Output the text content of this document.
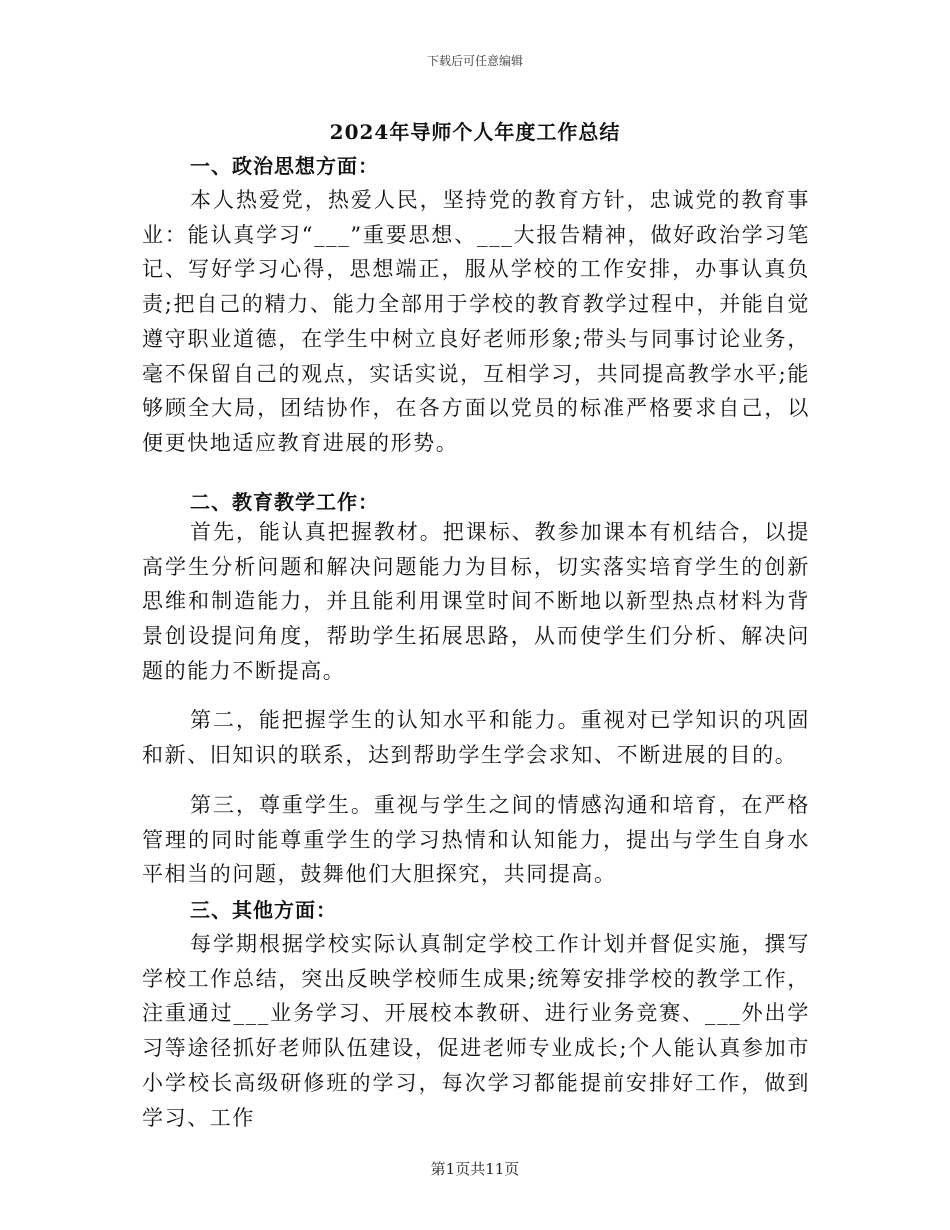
下载后可任意编辑
2024年导师个人年度工作总结
一、政治思想方面：

本人热爱党，热爱人民，坚持党的教育方针，忠诚党的教育事业：能认真学习“___”重要思想、___大报告精神，做好政治学习笔记、写好学习心得，思想端正，服从学校的工作安排，办事认真负责;把自己的精力、能力全部用于学校的教育教学过程中，并能自觉遵守职业道德，在学生中树立良好老师形象;带头与同事讨论业务，毫不保留自己的观点，实话实说，互相学习，共同提高教学水平;能够顾全大局，团结协作，在各方面以党员的标准严格要求自己，以便更快地适应教育进展的形势。

二、教育教学工作：

首先，能认真把握教材。把课标、教参加课本有机结合，以提高学生分析问题和解决问题能力为目标，切实落实培育学生的创新思维和制造能力，并且能利用课堂时间不断地以新型热点材料为背景创设提问角度，帮助学生拓展思路，从而使学生们分析、解决问题的能力不断提高。

第二，能把握学生的认知水平和能力。重视对已学知识的巩固和新、旧知识的联系，达到帮助学生学会求知、不断进展的目的。

第三，尊重学生。重视与学生之间的情感沟通和培育，在严格管理的同时能尊重学生的学习热情和认知能力，提出与学生自身水平相当的问题，鼓舞他们大胆探究，共同提高。

三、其他方面：

每学期根据学校实际认真制定学校工作计划并督促实施，撰写学校工作总结，突出反映学校师生成果;统筹安排学校的教学工作，注重通过___业务学习、开展校本教研、进行业务竞赛、___外出学习等途径抓好老师队伍建设，促进老师专业成长;个人能认真参加市小学校长高级研修班的学习，每次学习都能提前安排好工作，做到学习、工作

第1页共11页
